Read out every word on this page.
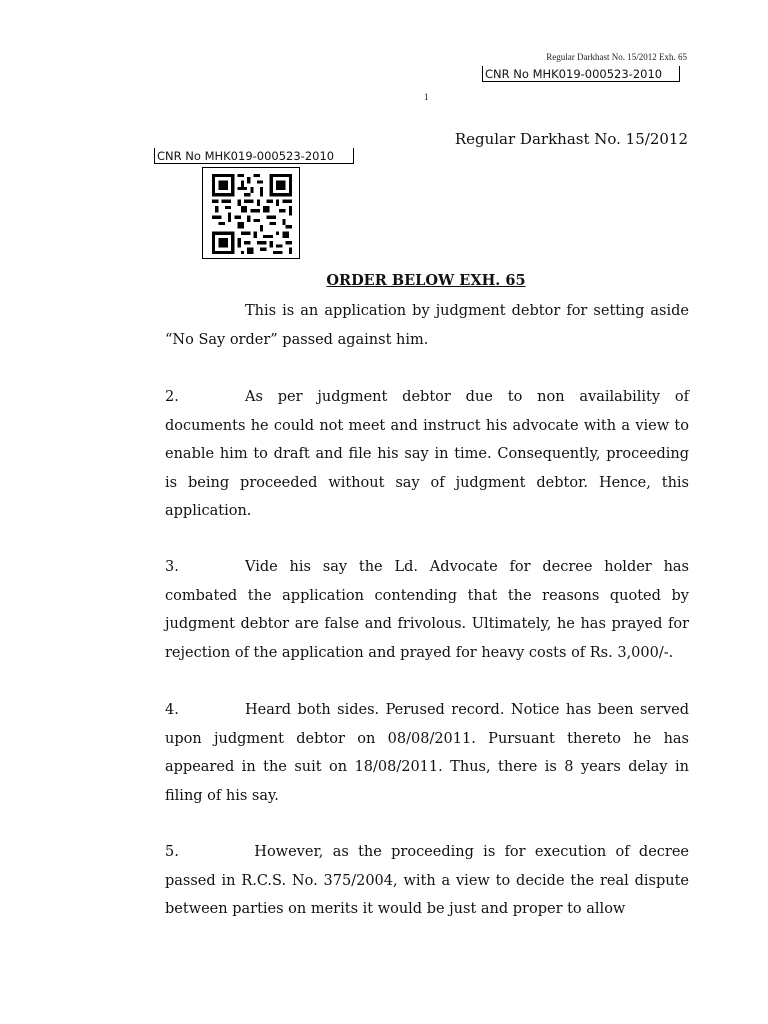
Regular Darkhast No. 15/2012 Exh. 65
CNR No MHK019-000523-2010
1
Regular Darkhast No. 15/2012
CNR No MHK019-000523-2010
ORDER BELOW EXH. 65
This is an application by judgment debtor for setting aside “No Say order” passed against him.
2.	As per judgment debtor due to non availability of documents he could not meet and instruct his advocate with a view to enable him to draft and file his say in time. Consequently, proceeding is being proceeded without say of judgment debtor. Hence, this application.
3.	Vide his say the Ld. Advocate for decree holder has combated the application contending that the reasons quoted by judgment debtor are false and frivolous. Ultimately, he has prayed for rejection of the application and prayed for heavy costs of Rs. 3,000/-.
4.	Heard both sides. Perused record. Notice has been served upon judgment debtor on 08/08/2011. Pursuant thereto he has appeared in the suit on 18/08/2011. Thus, there is 8 years delay in filing of his say.
5.	However, as the proceeding is for execution of decree passed in R.C.S. No. 375/2004, with a view to decide the real dispute between parties on merits it would be just and proper to allow
